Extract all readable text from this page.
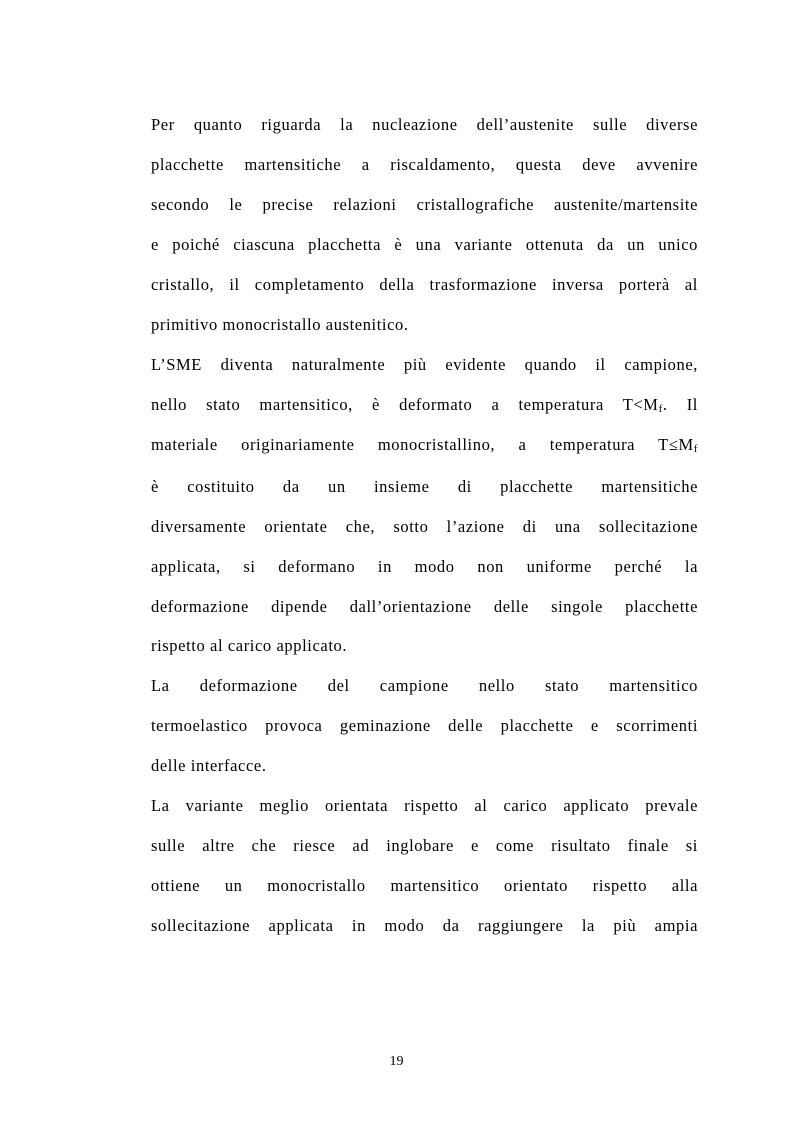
Per quanto riguarda la nucleazione dell’austenite sulle diverse
placchette martensitiche a riscaldamento, questa deve avvenire
secondo le precise relazioni cristallografiche austenite/martensite
e poiché ciascuna placchetta è una variante ottenuta da un unico
cristallo, il completamento della trasformazione inversa porterà al
primitivo monocristallo austenitico.
L’SME diventa naturalmente più evidente quando il campione,
nello stato martensitico, è deformato a temperatura $T<M_f$. Il
materiale originariamente monocristallino, a temperatura $T\le M_f$
è costituito da un insieme di placchette martensitiche
diversamente orientate che, sotto l’azione di una sollecitazione
applicata, si deformano in modo non uniforme perché la
deformazione dipende dall’orientazione delle singole placchette
rispetto al carico applicato.
La deformazione del campione nello stato martensitico
termoelastico provoca geminazione delle placchette e scorrimenti
delle interfacce.
La variante meglio orientata rispetto al carico applicato prevale
sulle altre che riesce ad inglobare e come risultato finale si
ottiene un monocristallo martensitico orientato rispetto alla
sollecitazione applicata in modo da raggiungere la più ampia
19
